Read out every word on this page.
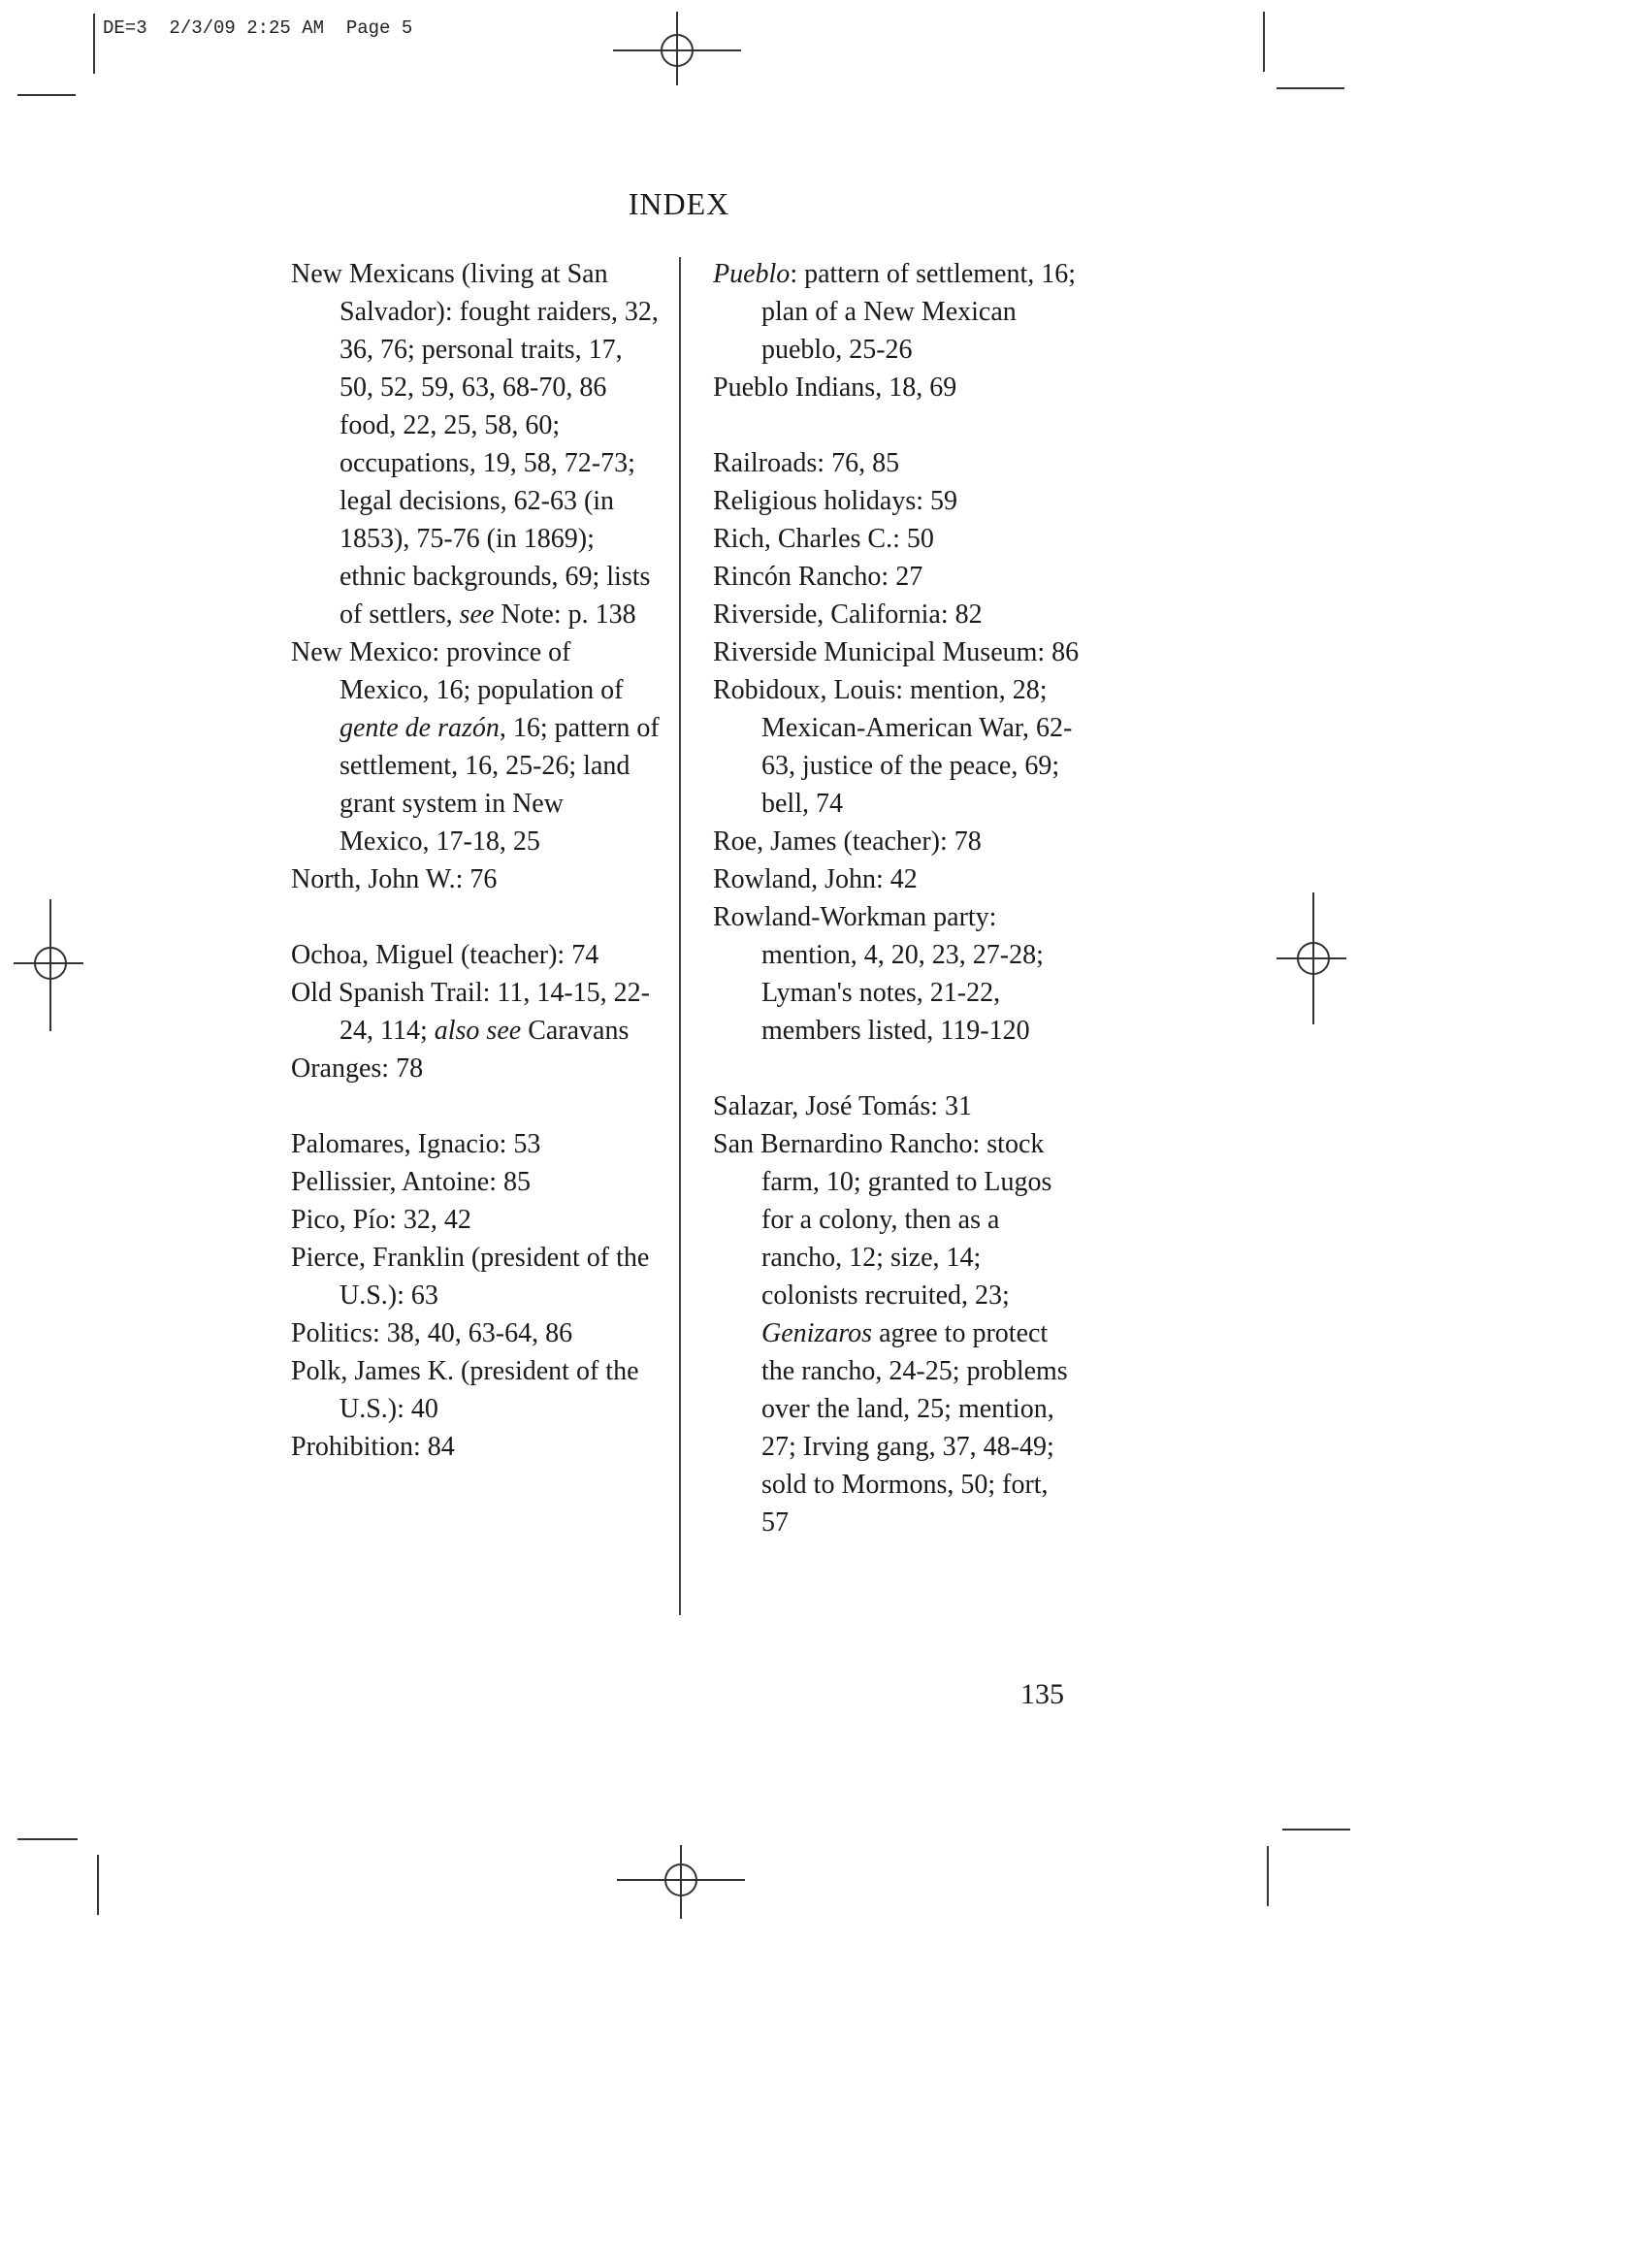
DE=3  2/3/09 2:25 AM  Page 5
INDEX

New Mexicans (living at San Salvador): fought raiders, 32, 36, 76; personal traits, 17, 50, 52, 59, 63, 68-70, 86 food, 22, 25, 58, 60; occupations, 19, 58, 72-73; legal decisions, 62-63 (in 1853), 75-76 (in 1869); ethnic backgrounds, 69; lists of settlers, see Note: p. 138

New Mexico: province of Mexico, 16; population of gente de razón, 16; pattern of settlement, 16, 25-26; land grant system in New Mexico, 17-18, 25

North, John W.: 76

Ochoa, Miguel (teacher): 74

Old Spanish Trail: 11, 14-15, 22-24, 114; also see Caravans

Oranges: 78

Palomares, Ignacio: 53

Pellissier, Antoine: 85

Pico, Pío: 32, 42

Pierce, Franklin (president of the U.S.): 63

Politics: 38, 40, 63-64, 86

Polk, James K. (president of the U.S.): 40

Prohibition: 84

Pueblo: pattern of settlement, 16; plan of a New Mexican pueblo, 25-26

Pueblo Indians, 18, 69

Railroads: 76, 85

Religious holidays: 59

Rich, Charles C.: 50

Rincón Rancho: 27

Riverside, California: 82

Riverside Municipal Museum: 86

Robidoux, Louis: mention, 28; Mexican-American War, 62-63, justice of the peace, 69; bell, 74

Roe, James (teacher): 78

Rowland, John: 42

Rowland-Workman party: mention, 4, 20, 23, 27-28; Lyman's notes, 21-22, members listed, 119-120

Salazar, José Tomás: 31

San Bernardino Rancho: stock farm, 10; granted to Lugos for a colony, then as a rancho, 12; size, 14; colonists recruited, 23; Genizaros agree to protect the rancho, 24-25; problems over the land, 25; mention, 27; Irving gang, 37, 48-49; sold to Mormons, 50; fort, 57

135
